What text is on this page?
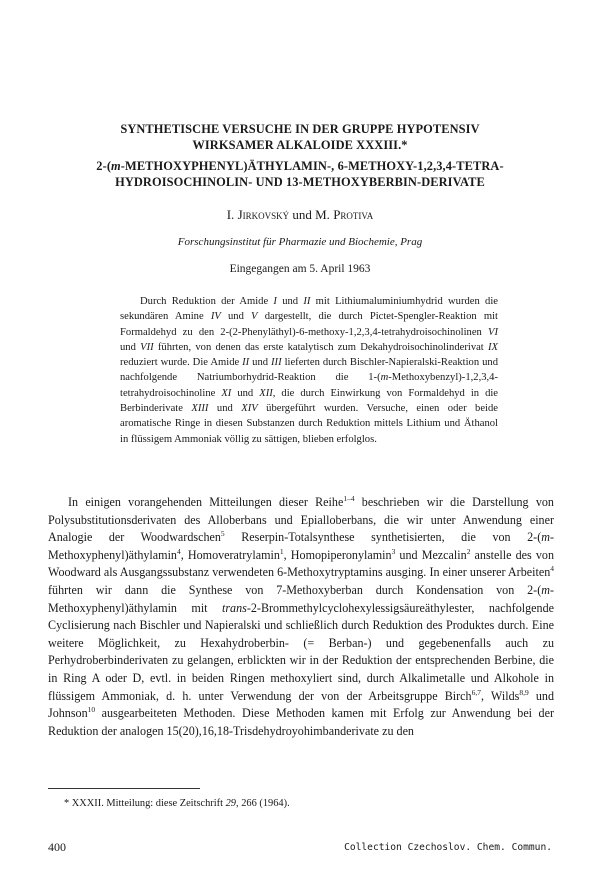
SYNTHETISCHE VERSUCHE IN DER GRUPPE HYPOTENSIV
WIRKSAMER ALKALOIDE XXXIII.*
2-(m-METHOXYPHENYL)ÄTHYLAMIN-, 6-METHOXY-1,2,3,4-TETRA-
HYDROISOCHINOLIN- UND 13-METHOXYBERBIN-DERIVATE

I. Jirkovský und M. Protiva

Forschungsinstitut für Pharmazie und Biochemie, Prag

Eingegangen am 5. April 1963

Durch Reduktion der Amide I und II mit Lithiumaluminiumhydrid wurden die sekundären Amine IV und V dargestellt, die durch Pictet-Spengler-Reaktion mit Formaldehyd zu den 2-(2-Phenyläthyl)-6-methoxy-1,2,3,4-tetrahydroisochinolinen VI und VII führten, von denen das erste katalytisch zum Dekahydroisochinolinderivat IX reduziert wurde. Die Amide II und III lieferten durch Bischler-Napieralski-Reaktion und nachfolgende Natriumborhydrid-Reaktion die 1-(m-Methoxybenzyl)-1,2,3,4-tetrahydroisochinoline XI und XII, die durch Einwirkung von Formaldehyd in die Berbinderivate XIII und XIV übergeführt wurden. Versuche, einen oder beide aromatische Ringe in diesen Substanzen durch Reduktion mittels Lithium und Äthanol in flüssigem Ammoniak völlig zu sättigen, blieben erfolglos.

In einigen vorangehenden Mitteilungen dieser Reihe$^{1-4}$ beschrieben wir die Darstellung von Polysubstitutionsderivaten des Alloberbans und Epialloberbans, die wir unter Anwendung einer Analogie der Woodwardschen$^5$ Reserpin-Totalsynthese synthetisierten, die von 2-(m-Methoxyphenyl)äthylamin$^4$, Homoveratrylamin$^1$, Homopiperonylamin$^3$ und Mezcalin$^2$ anstelle des von Woodward als Ausgangssubstanz verwendeten 6-Methoxytryptamins ausging. In einer unserer Arbeiten$^4$ führten wir dann die Synthese von 7-Methoxyberban durch Kondensation von 2-(m-Methoxyphenyl)äthylamin mit trans-2-Brommethylcyclohexylessigsäureäthylester, nachfolgende Cyclisierung nach Bischler und Napieralski und schließlich durch Reduktion des Produktes durch. Eine weitere Möglichkeit, zu Hexahydroberbin- (= Berban-) und gegebenenfalls auch zu Perhydroberbinderivaten zu gelangen, erblickten wir in der Reduktion der entsprechenden Berbine, die in Ring A oder D, evtl. in beiden Ringen methoxyliert sind, durch Alkalimetalle und Alkohole in flüssigem Ammoniak, d. h. unter Verwendung der von der Arbeitsgruppe Birch$^{6,7}$, Wilds$^{8,9}$ und Johnson$^{10}$ ausgearbeiteten Methoden. Diese Methoden kamen mit Erfolg zur Anwendung bei der Reduktion der analogen 15(20),16,18-Trisdehydroyohimbanderivate zu den

* XXXII. Mitteilung: diese Zeitschrift 29, 266 (1964).

400	Collection Czechoslov. Chem. Commun.
